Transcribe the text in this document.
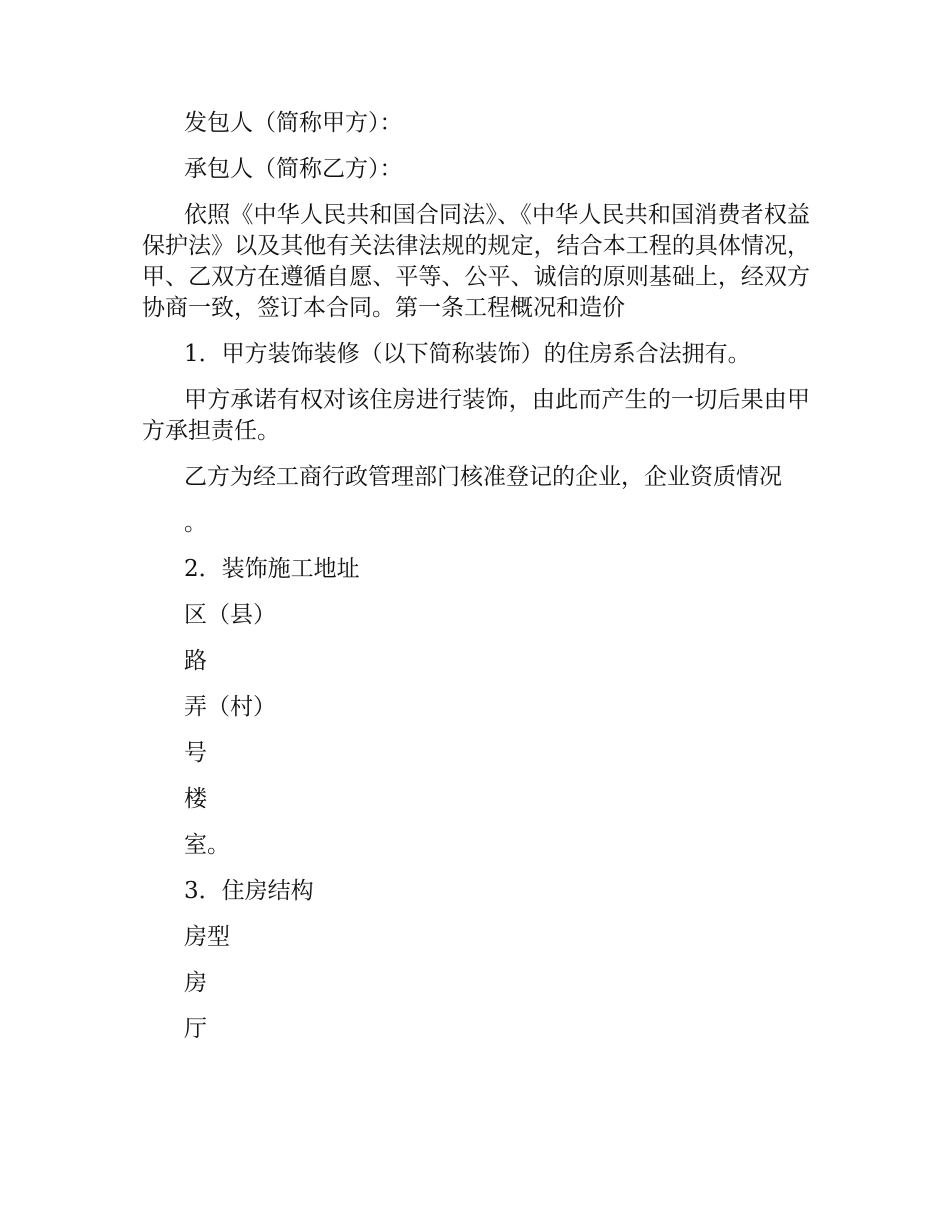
发包人（简称甲方）：

承包人（简称乙方）：

依照《中华人民共和国合同法》、《中华人民共和国消费者权益保护法》以及其他有关法律法规的规定，结合本工程的具体情况，甲、乙双方在遵循自愿、平等、公平、诚信的原则基础上，经双方协商一致，签订本合同。第一条工程概况和造价

1．甲方装饰装修（以下简称装饰）的住房系合法拥有。

甲方承诺有权对该住房进行装饰，由此而产生的一切后果由甲方承担责任。

乙方为经工商行政管理部门核准登记的企业，企业资质情况

。

2．装饰施工地址

区（县）

路

弄（村）

号

楼

室。

3．住房结构

房型

房

厅
